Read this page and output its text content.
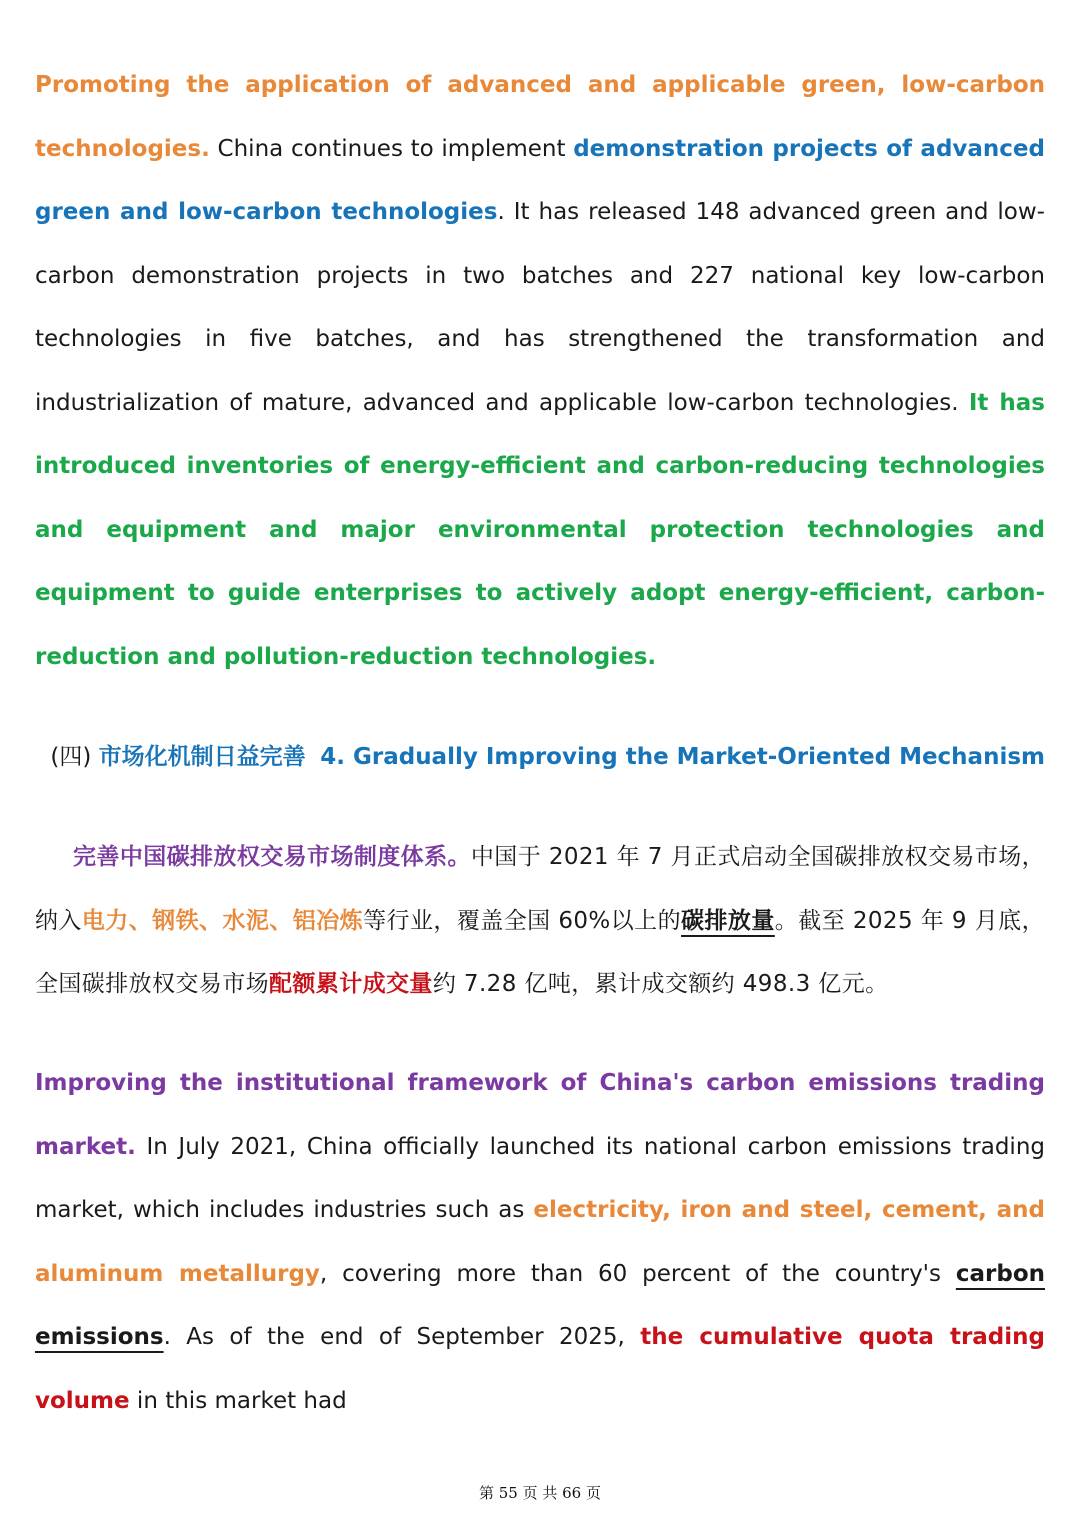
Promoting the application of advanced and applicable green, low-carbon technologies. China continues to implement demonstration projects of advanced green and low-carbon technologies. It has released 148 advanced green and low-carbon demonstration projects in two batches and 227 national key low-carbon technologies in five batches, and has strengthened the transformation and industrialization of mature, advanced and applicable low-carbon technologies. It has introduced inventories of energy-efficient and carbon-reducing technologies and equipment and major environmental protection technologies and equipment to guide enterprises to actively adopt energy-efficient, carbon-reduction and pollution-reduction technologies.

(四) 市场化机制日益完善 4. Gradually Improving the Market-Oriented Mechanism

完善中国碳排放权交易市场制度体系。中国于 2021 年 7 月正式启动全国碳排放权交易市场，纳入电力、钢铁、水泥、铝冶炼等行业，覆盖全国 60%以上的碳排放量。截至 2025 年 9 月底，全国碳排放权交易市场配额累计成交量约 7.28 亿吨，累计成交额约 498.3 亿元。

Improving the institutional framework of China's carbon emissions trading market. In July 2021, China officially launched its national carbon emissions trading market, which includes industries such as electricity, iron and steel, cement, and aluminum metallurgy, covering more than 60 percent of the country's carbon emissions. As of the end of September 2025, the cumulative quota trading volume in this market had

第 55 页 共 66 页
